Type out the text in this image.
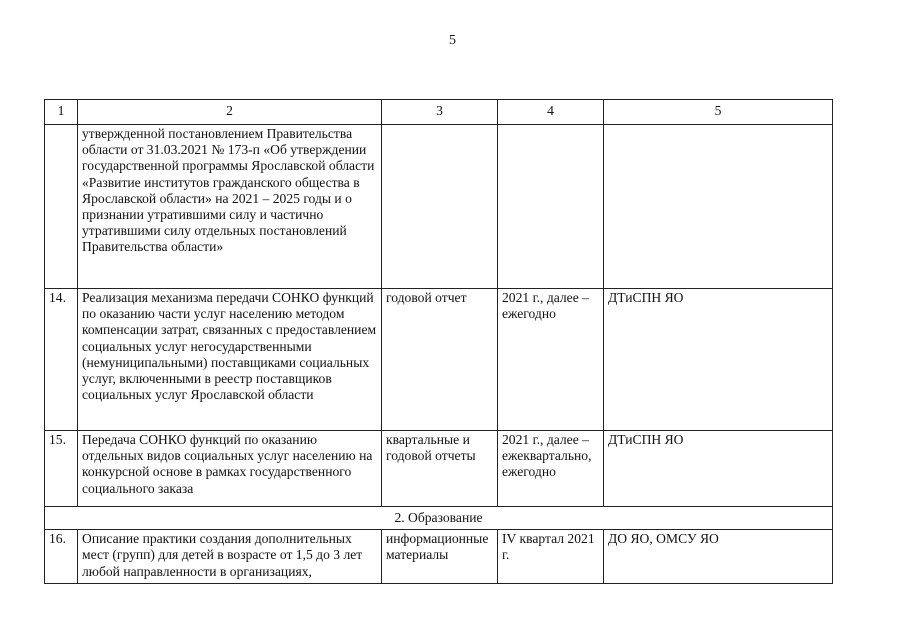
5
1	2	3	4	5
	утвержденной постановлением Правительства области от 31.03.2021 № 173-п «Об утверждении государственной программы Ярославской области «Развитие институтов гражданского общества в Ярославской области» на 2021 – 2025 годы и о признании утратившими силу и частично утратившими силу отдельных постановлений Правительства области»			
14.	Реализация механизма передачи СОНКО функций по оказанию части услуг населению методом компенсации затрат, связанных с предоставлением социальных услуг негосударственными (немуниципальными) поставщиками социальных услуг, включенными в реестр поставщиков социальных услуг Ярославской области	годовой отчет	2021 г., далее – ежегодно	ДТиСПН ЯО
15.	Передача СОНКО функций по оказанию отдельных видов социальных услуг населению на конкурсной основе в рамках государственного социального заказа	квартальные и годовой отчеты	2021 г., далее – ежеквартально, ежегодно	ДТиСПН ЯО
2. Образование				
16.	Описание практики создания дополнительных мест (групп) для детей в возрасте от 1,5 до 3 лет любой направленности в организациях,	информационные материалы	IV квартал 2021 г.	ДО ЯО, ОМСУ ЯО
